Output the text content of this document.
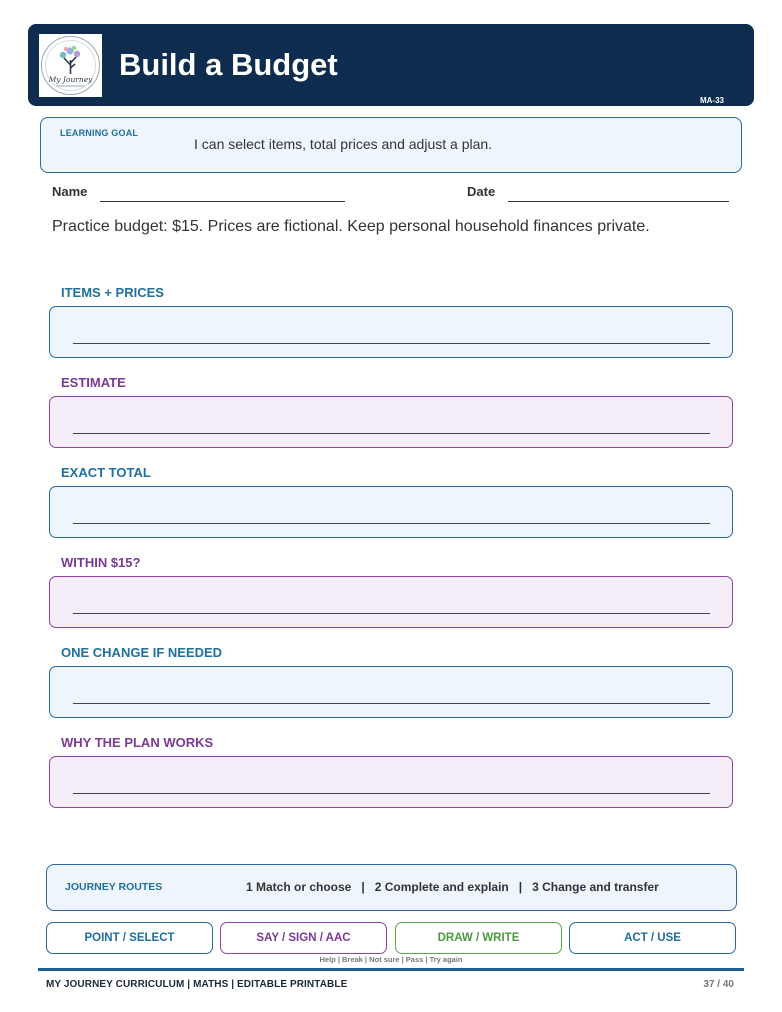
My Journey Build a Budget
MA-33
LEARNING GOAL
I can select items, total prices and adjust a plan.
Name	Date
Practice budget: $15. Prices are fictional. Keep personal household finances private.
ITEMS + PRICES
ESTIMATE
EXACT TOTAL
WITHIN $15?
ONE CHANGE IF NEEDED
WHY THE PLAN WORKS
JOURNEY ROUTES	1 Match or choose   |   2 Complete and explain   |   3 Change and transfer
POINT / SELECT	SAY / SIGN / AAC	DRAW / WRITE	ACT / USE
Help | Break | Not sure | Pass | Try again
MY JOURNEY CURRICULUM | MATHS | EDITABLE PRINTABLE	37 / 40
